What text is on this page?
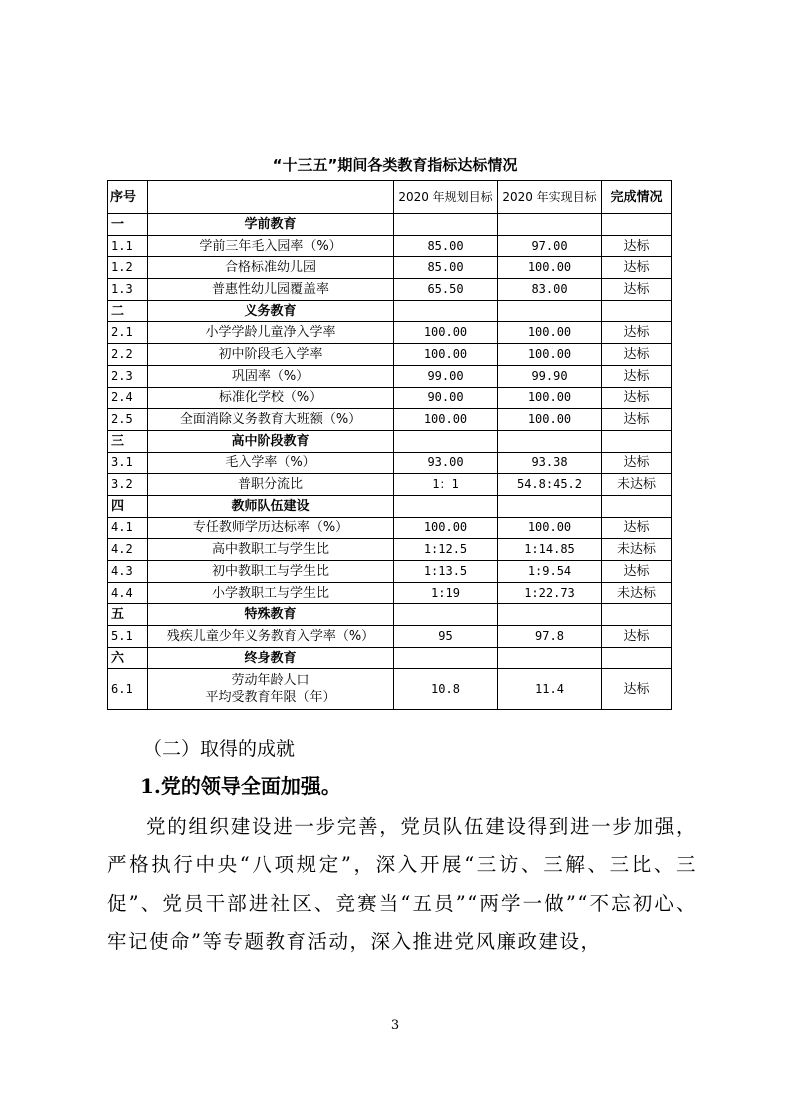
“十三五”期间各类教育指标达标情况
序号		2020 年规划目标	2020 年实现目标	完成情况
一	学前教育			
1.1	学前三年毛入园率（%）	85.00	97.00	达标
1.2	合格标准幼儿园	85.00	100.00	达标
1.3	普惠性幼儿园覆盖率	65.50	83.00	达标
二	义务教育			
2.1	小学学龄儿童净入学率	100.00	100.00	达标
2.2	初中阶段毛入学率	100.00	100.00	达标
2.3	巩固率（%）	99.00	99.90	达标
2.4	标准化学校（%）	90.00	100.00	达标
2.5	全面消除义务教育大班额（%）	100.00	100.00	达标
三	高中阶段教育			
3.1	毛入学率（%）	93.00	93.38	达标
3.2	普职分流比	1：1	54.8:45.2	未达标
四	教师队伍建设			
4.1	专任教师学历达标率（%）	100.00	100.00	达标
4.2	高中教职工与学生比	1:12.5	1:14.85	未达标
4.3	初中教职工与学生比	1:13.5	1:9.54	达标
4.4	小学教职工与学生比	1:19	1:22.73	未达标
五	特殊教育			
5.1	残疾儿童少年义务教育入学率（%）	95	97.8	达标
六	终身教育			
6.1	劳动年龄人口
平均受教育年限（年）	10.8	11.4	达标
（二）取得的成就
1.党的领导全面加强。
党的组织建设进一步完善，党员队伍建设得到进一步加强，严格执行中央“八项规定”，深入开展“三访、三解、三比、三促”、党员干部进社区、竞赛当“五员”“两学一做”“不忘初心、牢记使命”等专题教育活动，深入推进党风廉政建设，
3
